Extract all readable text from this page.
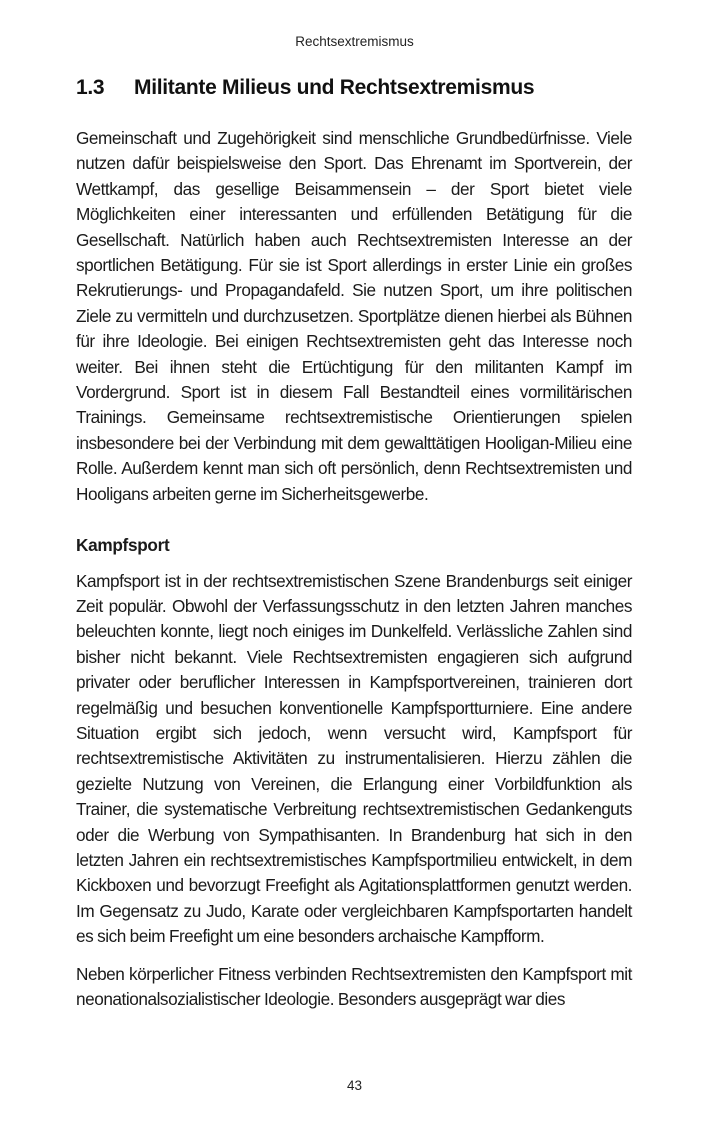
Rechtsextremismus
1.3	Militante Milieus und Rechtsextremismus

Gemeinschaft und Zugehörigkeit sind menschliche Grundbedürfnisse. Viele nutzen dafür beispielsweise den Sport. Das Ehrenamt im Sportverein, der Wettkampf, das gesellige Beisammensein – der Sport bietet viele Möglichkeiten einer interessanten und erfüllenden Betätigung für die Gesellschaft. Natürlich haben auch Rechtsextremisten Interesse an der sportlichen Betätigung. Für sie ist Sport allerdings in erster Linie ein großes Rekrutierungs- und Propagandafeld. Sie nutzen Sport, um ihre politischen Ziele zu vermitteln und durchzusetzen. Sportplätze dienen hierbei als Bühnen für ihre Ideologie. Bei einigen Rechtsextremisten geht das Interesse noch weiter. Bei ihnen steht die Ertüchtigung für den militanten Kampf im Vordergrund. Sport ist in diesem Fall Bestandteil eines vormilitärischen Trainings. Gemeinsame rechtsextremistische Orientierungen spielen insbesondere bei der Verbindung mit dem gewalttätigen Hooligan-Milieu eine Rolle. Außerdem kennt man sich oft persönlich, denn Rechtsextremisten und Hooligans arbeiten gerne im Sicherheitsgewerbe.

Kampfsport

Kampfsport ist in der rechtsextremistischen Szene Brandenburgs seit einiger Zeit populär. Obwohl der Verfassungsschutz in den letzten Jahren manches beleuchten konnte, liegt noch einiges im Dunkelfeld. Verlässliche Zahlen sind bisher nicht bekannt. Viele Rechtsextremisten engagieren sich aufgrund privater oder beruflicher Interessen in Kampfsportvereinen, trainieren dort regelmäßig und besuchen konventionelle Kampfsportturniere. Eine andere Situation ergibt sich jedoch, wenn versucht wird, Kampfsport für rechtsextremistische Aktivitäten zu instrumentalisieren. Hierzu zählen die gezielte Nutzung von Vereinen, die Erlangung einer Vorbildfunktion als Trainer, die systematische Verbreitung rechtsextremistischen Gedankenguts oder die Werbung von Sympathisanten. In Brandenburg hat sich in den letzten Jahren ein rechtsextremistisches Kampfsportmilieu entwickelt, in dem Kickboxen und bevorzugt Freefight als Agitationsplattformen genutzt werden. Im Gegensatz zu Judo, Karate oder vergleichbaren Kampfsportarten handelt es sich beim Freefight um eine besonders archaische Kampfform.

Neben körperlicher Fitness verbinden Rechtsextremisten den Kampfsport mit neonationalsozialistischer Ideologie. Besonders ausgeprägt war dies

43
